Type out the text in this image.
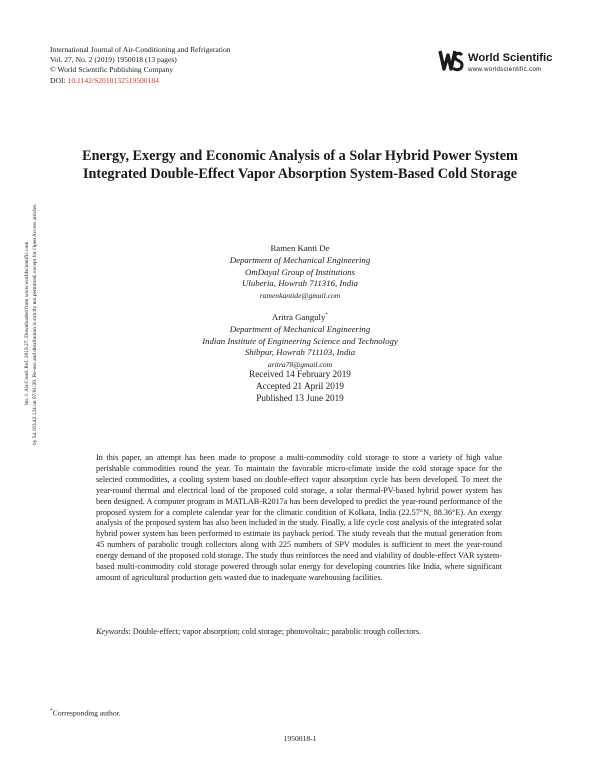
International Journal of Air-Conditioning and Refrigeration
Vol. 27, No. 2 (2019) 1950018 (13 pages)
© World Scientific Publishing Company
DOI: 10.1142/S2010132519500184
World Scientific
www.worldscientific.com
Energy, Exergy and Economic Analysis of a Solar Hybrid Power System Integrated Double-Effect Vapor Absorption System-Based Cold Storage
Ramen Kanti De
Department of Mechanical Engineering
OmDayal Group of Institutions
Uluberia, Howrah 711316, India
ramenkantide@gmail.com
Aritra Ganguly*
Department of Mechanical Engineering
Indian Institute of Engineering Science and Technology
Shibpur, Howrah 711103, India
aritra78@gmail.com
Received 14 February 2019
Accepted 21 April 2019
Published 13 June 2019
In this paper, an attempt has been made to propose a multi-commodity cold storage to store a variety of high value perishable commodities round the year. To maintain the favorable micro-climate inside the cold storage space for the selected commodities, a cooling system based on double-effect vapor absorption cycle has been developed. To meet the year-round thermal and electrical load of the proposed cold storage, a solar thermal-PV-based hybrid power system has been designed. A computer program in MATLAB-R2017a has been developed to predict the year-round performance of the proposed system for a complete calendar year for the climatic condition of Kolkata, India (22.57°N, 88.36°E). An exergy analysis of the proposed system has also been included in the study. Finally, a life cycle cost analysis of the integrated solar hybrid power system has been performed to estimate its payback period. The study reveals that the mutual generation from 45 numbers of parabolic trough collectors along with 225 numbers of SPV modules is sufficient to meet the year-round energy demand of the proposed cold storage. The study thus reinforces the need and viability of double-effect VAR system-based multi-commodity cold storage powered through solar energy for developing countries like India, where significant amount of agricultural production gets wasted due to inadequate warehousing facilities.
Keywords: Double-effect; vapor absorption; cold storage; photovoltaic; parabolic trough collectors.
*Corresponding author.
1950018-1
Int. J. Air-Cond. Ref. 2019.27. Downloaded from www.worldscientific.com by 54.163.42.124 on 07/01/20. Re-use and distribution is strictly not permitted, except for Open Access articles.
